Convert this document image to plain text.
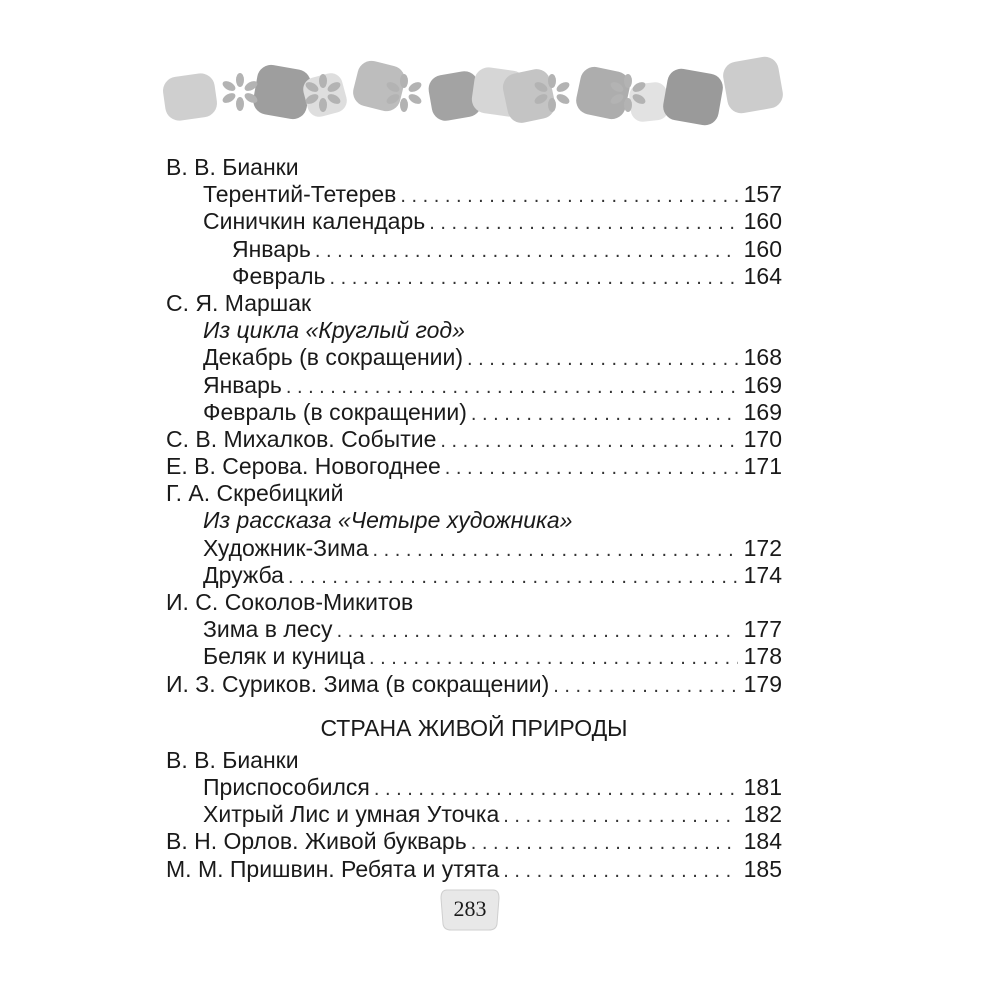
В. В. Бианки
Терентий-Тетерев . . .	157
Синичкин календарь . . .	160
Январь . . .	160
Февраль . . .	164
С. Я. Маршак
Из цикла «Круглый год»
Декабрь (в сокращении) . . .	168
Январь . . .	169
Февраль (в сокращении) . . .	169
С. В. Михалков. Событие . . .	170
Е. В. Серова. Новогоднее . . .	171
Г. А. Скребицкий
Из рассказа «Четыре художника»
Художник-Зима . . .	172
Дружба . . .	174
И. С. Соколов-Микитов
Зима в лесу . . .	177
Беляк и куница . . .	178
И. З. Суриков. Зима (в сокращении) . . .	179
СТРАНА ЖИВОЙ ПРИРОДЫ
В. В. Бианки
Приспособился . . .	181
Хитрый Лис и умная Уточка . . .	182
В. Н. Орлов. Живой букварь . . .	184
М. М. Пришвин. Ребята и утята . . .	185
283
